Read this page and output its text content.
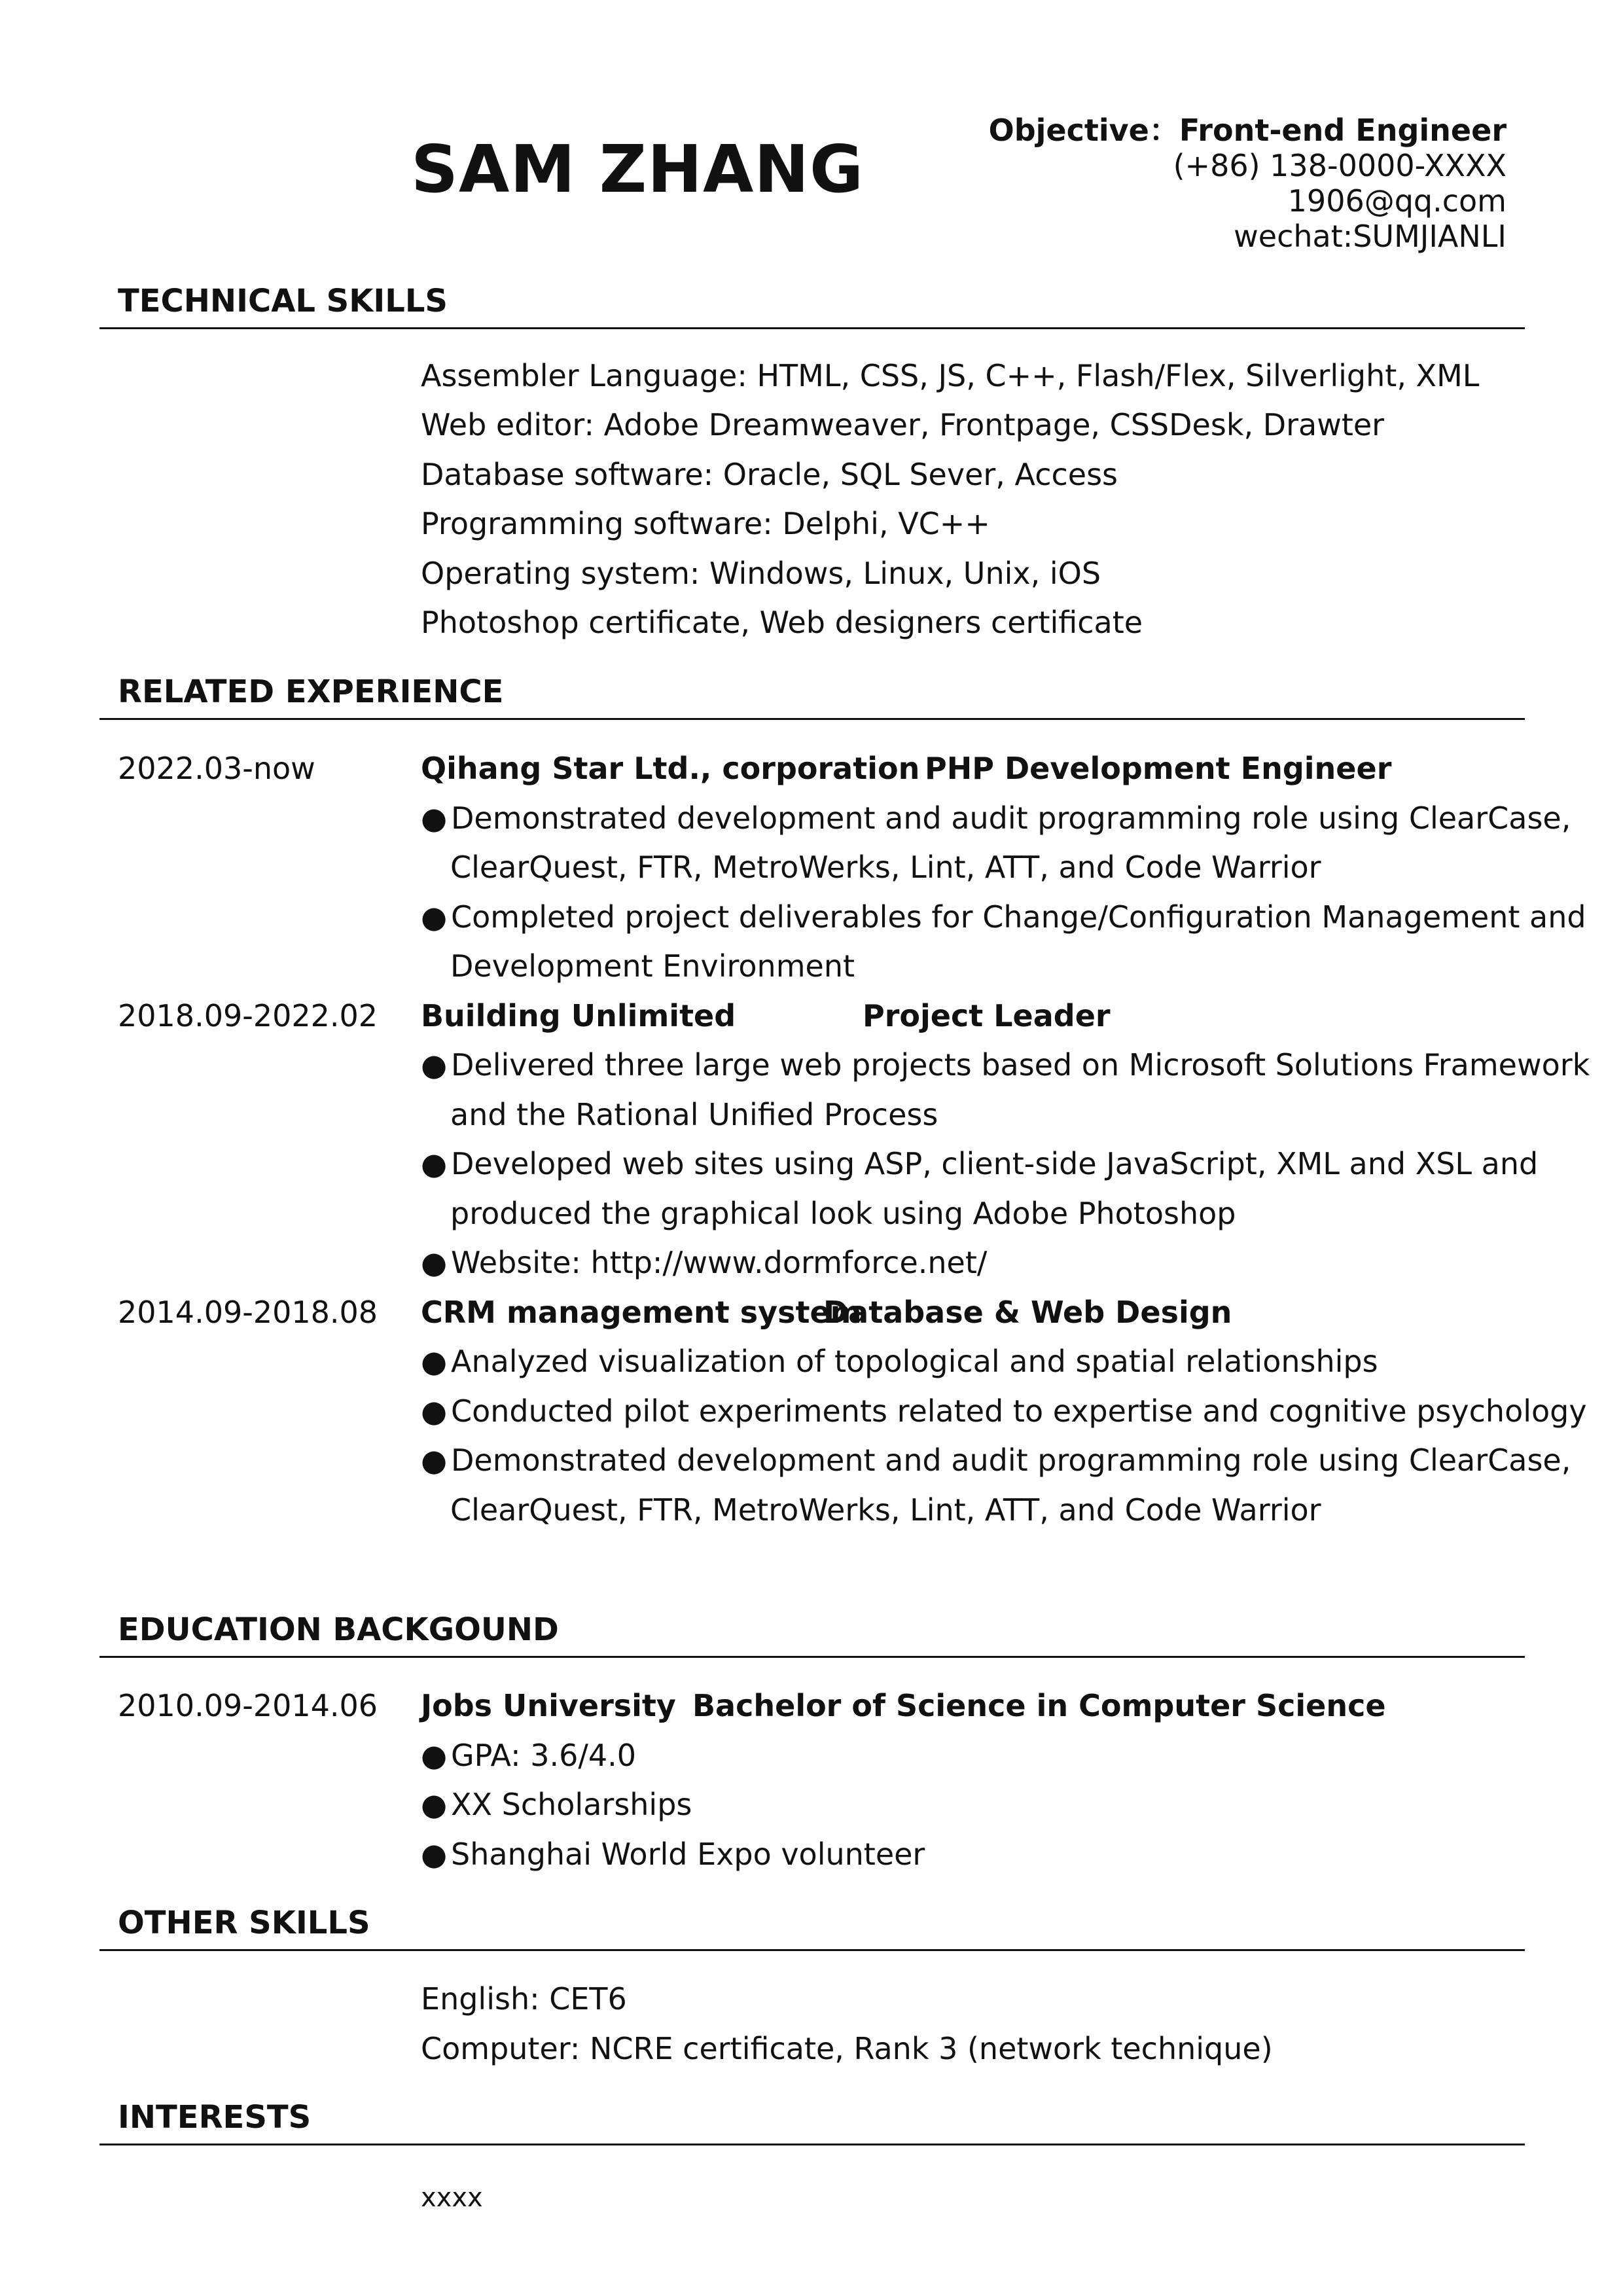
SAM ZHANG
Objective：Front-end Engineer
(+86) 138-0000-XXXX
1906@qq.com
wechat:SUMJIANLI
TECHNICAL SKILLS
Assembler Language: HTML, CSS, JS, C++, Flash/Flex, Silverlight, XML
Web editor: Adobe Dreamweaver, Frontpage, CSSDesk, Drawter
Database software: Oracle, SQL Sever, Access
Programming software: Delphi, VC++
Operating system: Windows, Linux, Unix, iOS
Photoshop certificate, Web designers certificate
RELATED EXPERIENCE
2022.03-now	Qihang Star Ltd., corporation PHP Development Engineer
● Demonstrated development and audit programming role using ClearCase,
ClearQuest, FTR, MetroWerks, Lint, ATT, and Code Warrior
● Completed project deliverables for Change/Configuration Management and
Development Environment
2018.09-2022.02 Building Unlimited	Project Leader
● Delivered three large web projects based on Microsoft Solutions Framework
and the Rational Unified Process
● Developed web sites using ASP, client-side JavaScript, XML and XSL and
produced the graphical look using Adobe Photoshop
● Website: http://www.dormforce.net/
2014.09-2018.08 CRM management system
Database & Web Design
● Analyzed visualization of topological and spatial relationships
● Conducted pilot experiments related to expertise and cognitive psychology
● Demonstrated development and audit programming role using ClearCase,
ClearQuest, FTR, MetroWerks, Lint, ATT, and Code Warrior
EDUCATION BACKGOUND
2010.09-2014.06 Jobs University Bachelor of Science in Computer Science
● GPA: 3.6/4.0
● XX Scholarships
● Shanghai World Expo volunteer
OTHER SKILLS
English: CET6
Computer: NCRE certificate, Rank 3 (network technique)
INTERESTS
xxxx
